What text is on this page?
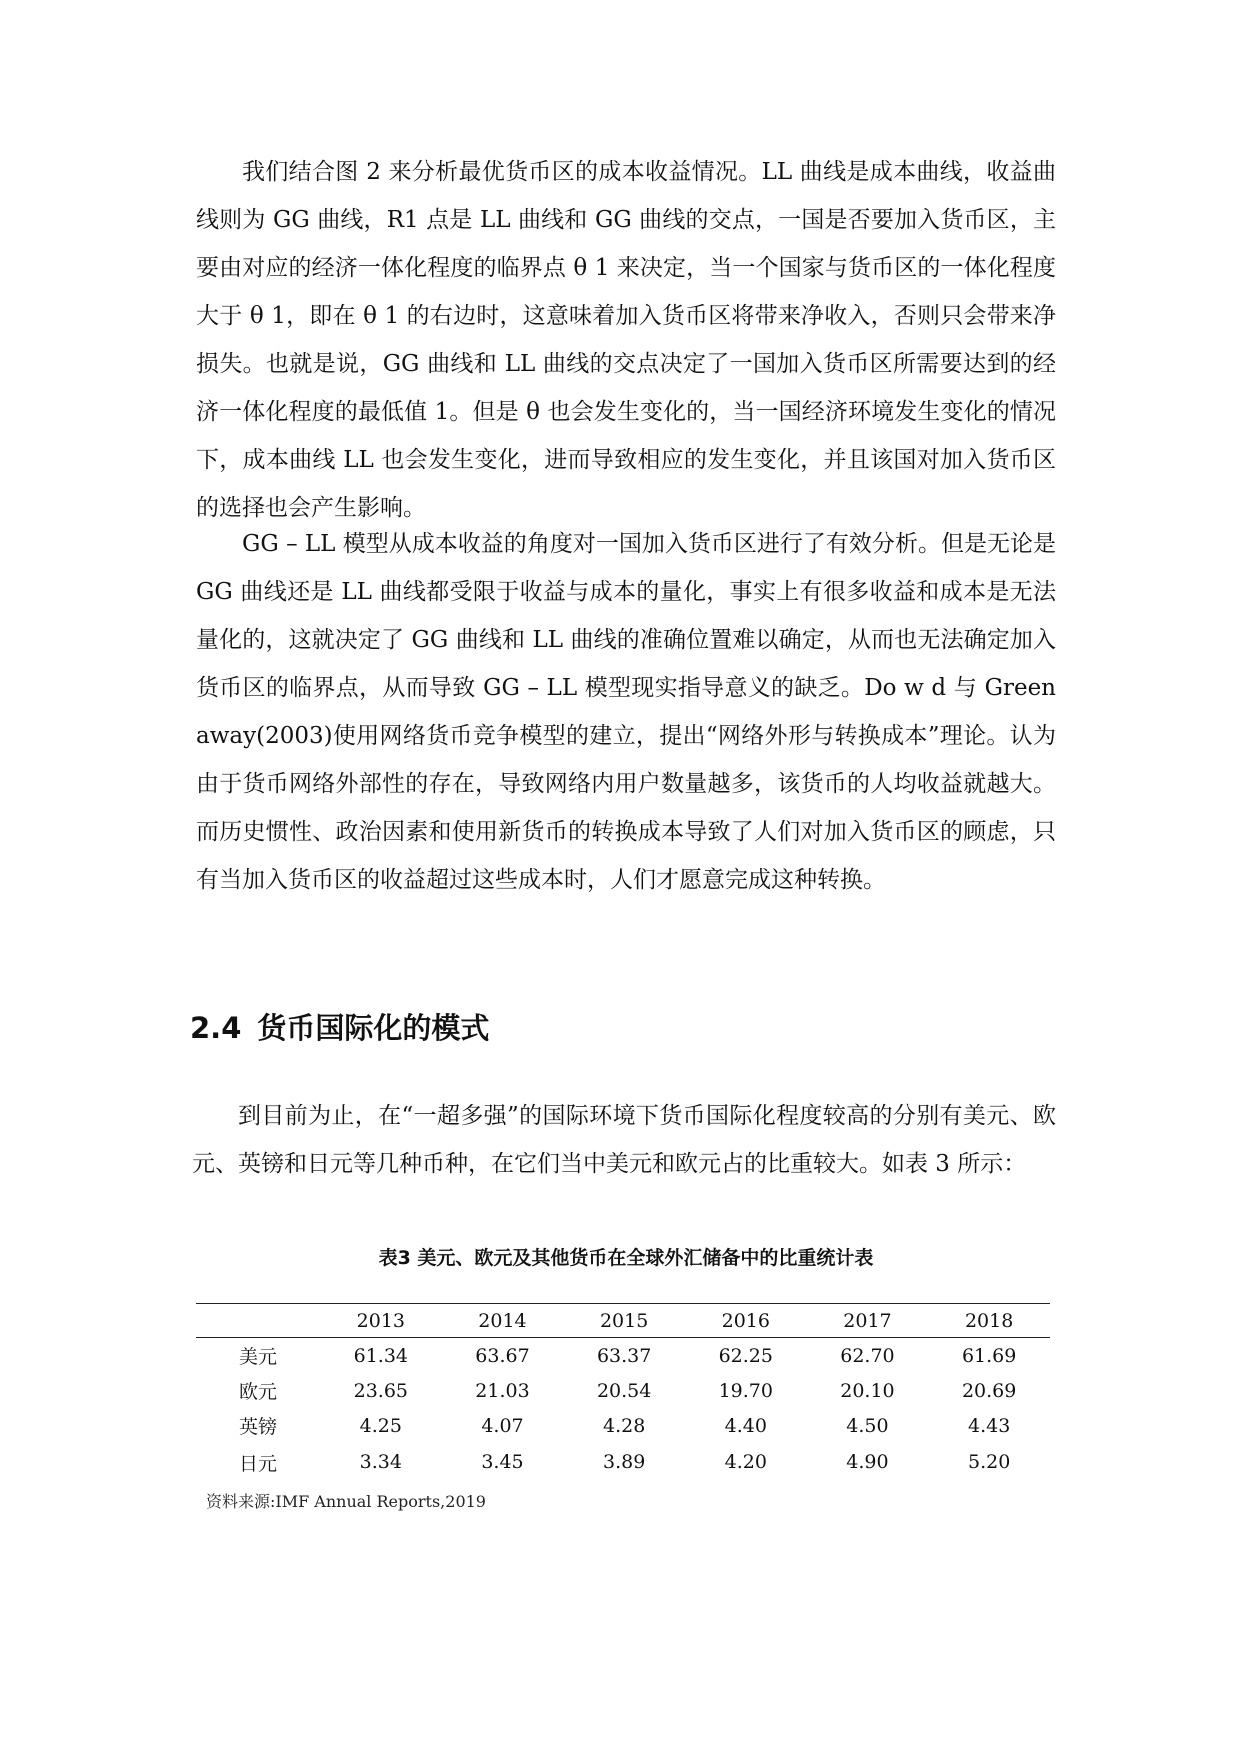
我们结合图 2 来分析最优货币区的成本收益情况。LL 曲线是成本曲线，收益曲线则为 GG 曲线，R1 点是 LL 曲线和 GG 曲线的交点，一国是否要加入货币区，主要由对应的经济一体化程度的临界点 θ 1 来决定，当一个国家与货币区的一体化程度大于 θ 1，即在 θ 1 的右边时，这意味着加入货币区将带来净收入，否则只会带来净损失。也就是说，GG 曲线和 LL 曲线的交点决定了一国加入货币区所需要达到的经济一体化程度的最低值 1。但是 θ 也会发生变化的，当一国经济环境发生变化的情况下，成本曲线 LL 也会发生变化，进而导致相应的发生变化，并且该国对加入货币区的选择也会产生影响。

GG – LL 模型从成本收益的角度对一国加入货币区进行了有效分析。但是无论是 GG 曲线还是 LL 曲线都受限于收益与成本的量化，事实上有很多收益和成本是无法量化的，这就决定了 GG 曲线和 LL 曲线的准确位置难以确定，从而也无法确定加入货币区的临界点，从而导致 GG – LL 模型现实指导意义的缺乏。Do w d 与 Green away(2003)使用网络货币竞争模型的建立，提出“网络外形与转换成本”理论。认为由于货币网络外部性的存在，导致网络内用户数量越多，该货币的人均收益就越大。而历史惯性、政治因素和使用新货币的转换成本导致了人们对加入货币区的顾虑，只有当加入货币区的收益超过这些成本时，人们才愿意完成这种转换。

2.4 货币国际化的模式

到目前为止，在“一超多强”的国际环境下货币国际化程度较高的分别有美元、欧元、英镑和日元等几种币种，在它们当中美元和欧元占的比重较大。如表 3 所示：

表3 美元、欧元及其他货币在全球外汇储备中的比重统计表

	2013	2014	2015	2016	2017	2018
美元	61.34	63.67	63.37	62.25	62.70	61.69
欧元	23.65	21.03	20.54	19.70	20.10	20.69
英镑	4.25	4.07	4.28	4.40	4.50	4.43
日元	3.34	3.45	3.89	4.20	4.90	5.20

资料来源:IMF Annual Reports,2019
